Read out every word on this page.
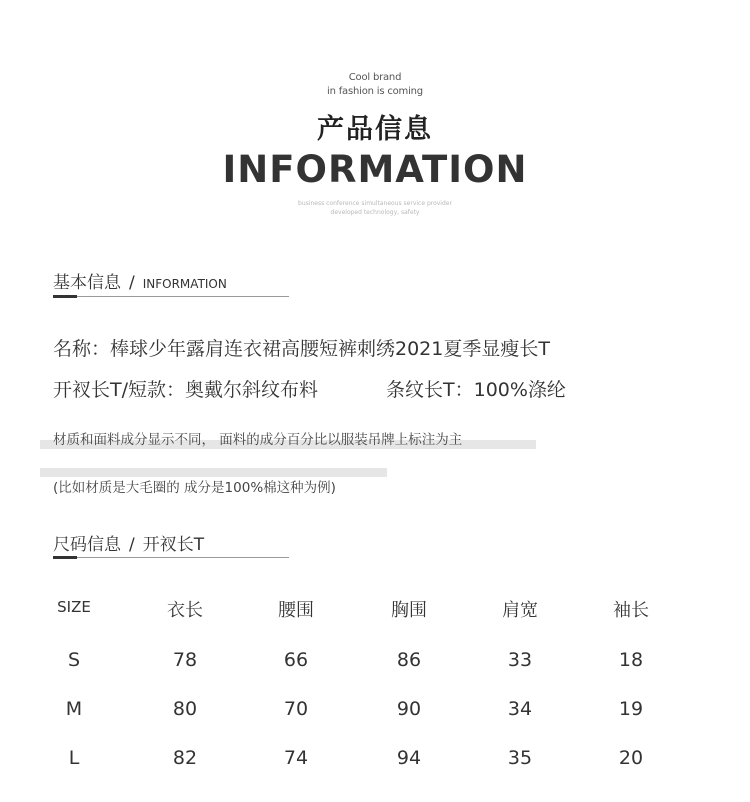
Cool brand
in fashion is coming
产品信息
INFORMATION
business conference simultaneous service provider
developed technology, safety
基本信息 / INFORMATION
名称：棒球少年露肩连衣裙高腰短裤刺绣2021夏季显瘦长T
开衩长T/短款：奥戴尔斜纹布料	条纹长T：100%涤纶
材质和面料成分显示不同， 面料的成分百分比以服装吊牌上标注为主
(比如材质是大毛圈的 成分是100%棉这种为例)
尺码信息 / 开衩长T
SIZE	衣长	腰围	胸围	肩宽	袖长
S	78	66	86	33	18
M	80	70	90	34	19
L	82	74	94	35	20
